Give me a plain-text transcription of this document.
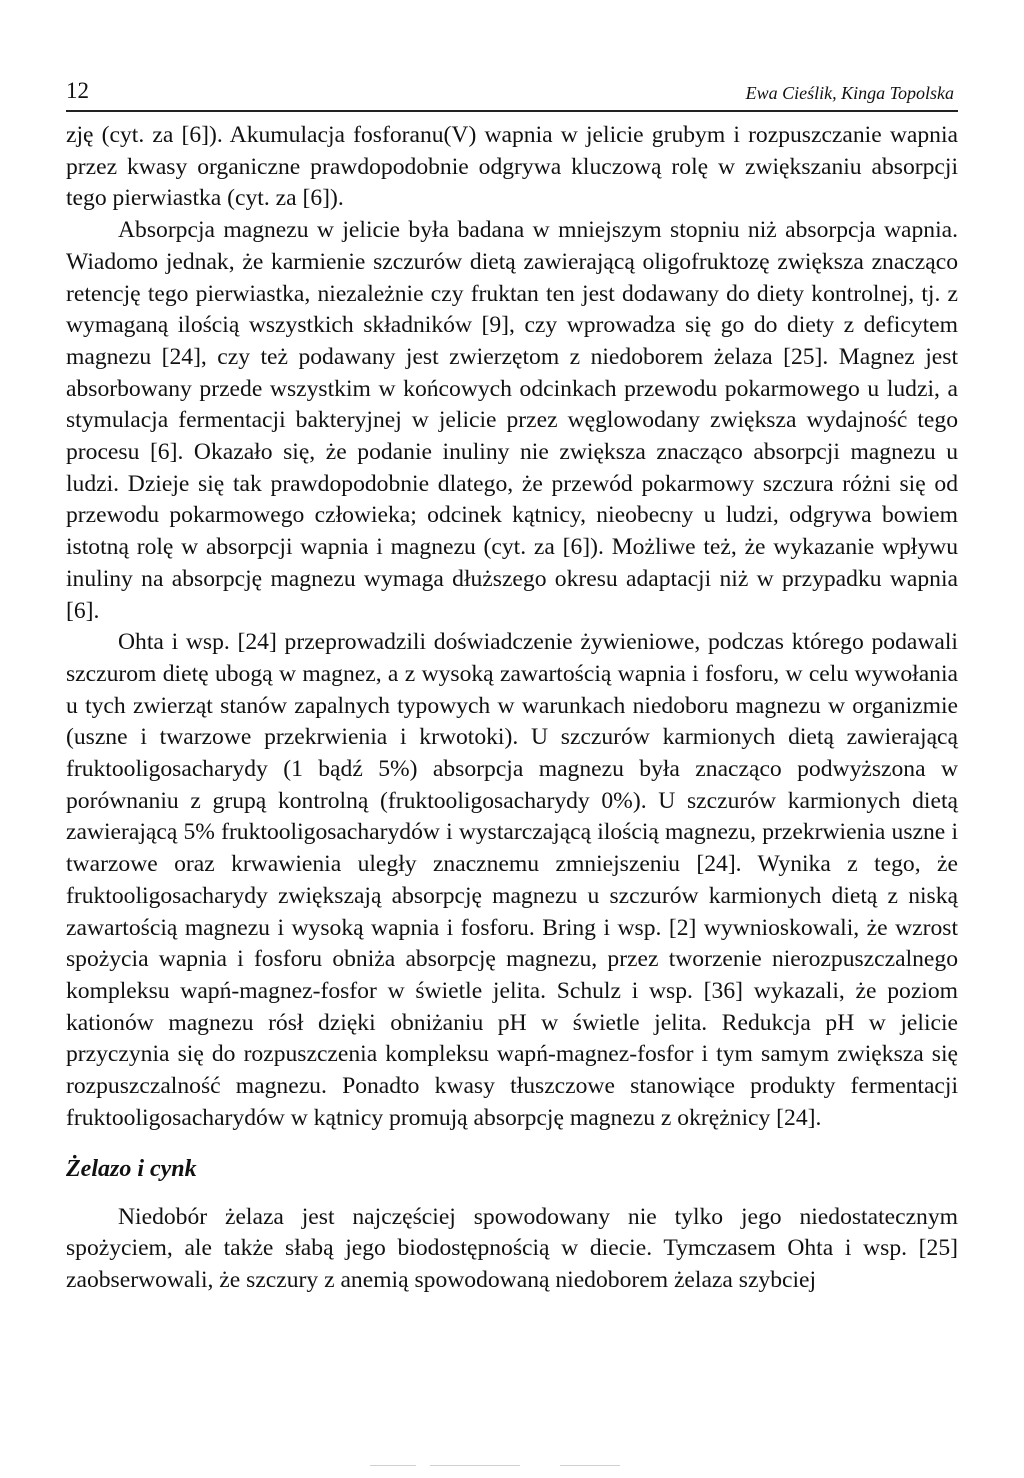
12	Ewa Cieślik, Kinga Topolska

zję (cyt. za [6]). Akumulacja fosforanu(V) wapnia w jelicie grubym i rozpuszczanie wapnia przez kwasy organiczne prawdopodobnie odgrywa kluczową rolę w zwiększaniu absorpcji tego pierwiastka (cyt. za [6]).

Absorpcja magnezu w jelicie była badana w mniejszym stopniu niż absorpcja wapnia. Wiadomo jednak, że karmienie szczurów dietą zawierającą oligofruktozę zwiększa znacząco retencję tego pierwiastka, niezależnie czy fruktan ten jest dodawany do diety kontrolnej, tj. z wymaganą ilością wszystkich składników [9], czy wprowadza się go do diety z deficytem magnezu [24], czy też podawany jest zwierzętom z niedoborem żelaza [25]. Magnez jest absorbowany przede wszystkim w końcowych odcinkach przewodu pokarmowego u ludzi, a stymulacja fermentacji bakteryjnej w jelicie przez węglowodany zwiększa wydajność tego procesu [6]. Okazało się, że podanie inuliny nie zwiększa znacząco absorpcji magnezu u ludzi. Dzieje się tak prawdopodobnie dlatego, że przewód pokarmowy szczura różni się od przewodu pokarmowego człowieka; odcinek kątnicy, nieobecny u ludzi, odgrywa bowiem istotną rolę w absorpcji wapnia i magnezu (cyt. za [6]). Możliwe też, że wykazanie wpływu inuliny na absorpcję magnezu wymaga dłuższego okresu adaptacji niż w przypadku wapnia [6].

Ohta i wsp. [24] przeprowadzili doświadczenie żywieniowe, podczas którego podawali szczurom dietę ubogą w magnez, a z wysoką zawartością wapnia i fosforu, w celu wywołania u tych zwierząt stanów zapalnych typowych w warunkach niedoboru magnezu w organizmie (uszne i twarzowe przekrwienia i krwotoki). U szczurów karmionych dietą zawierającą fruktooligosacharydy (1 bądź 5%) absorpcja magnezu była znacząco podwyższona w porównaniu z grupą kontrolną (fruktooligosacharydy 0%). U szczurów karmionych dietą zawierającą 5% fruktooligosacharydów i wystarczającą ilością magnezu, przekrwienia uszne i twarzowe oraz krwawienia uległy znacznemu zmniejszeniu [24]. Wynika z tego, że fruktooligosacharydy zwiększają absorpcję magnezu u szczurów karmionych dietą z niską zawartością magnezu i wysoką wapnia i fosforu. Bring i wsp. [2] wywnioskowali, że wzrost spożycia wapnia i fosforu obniża absorpcję magnezu, przez tworzenie nierozpuszczalnego kompleksu wapń-magnez-fosfor w świetle jelita. Schulz i wsp. [36] wykazali, że poziom kationów magnezu rósł dzięki obniżaniu pH w świetle jelita. Redukcja pH w jelicie przyczynia się do rozpuszczenia kompleksu wapń-magnez-fosfor i tym samym zwiększa się rozpuszczalność magnezu. Ponadto kwasy tłuszczowe stanowiące produkty fermentacji fruktooligosacharydów w kątnicy promują absorpcję magnezu z okrężnicy [24].

Żelazo i cynk

Niedobór żelaza jest najczęściej spowodowany nie tylko jego niedostatecznym spożyciem, ale także słabą jego biodostępnością w diecie. Tymczasem Ohta i wsp. [25] zaobserwowali, że szczury z anemią spowodowaną niedoborem żelaza szybciej
